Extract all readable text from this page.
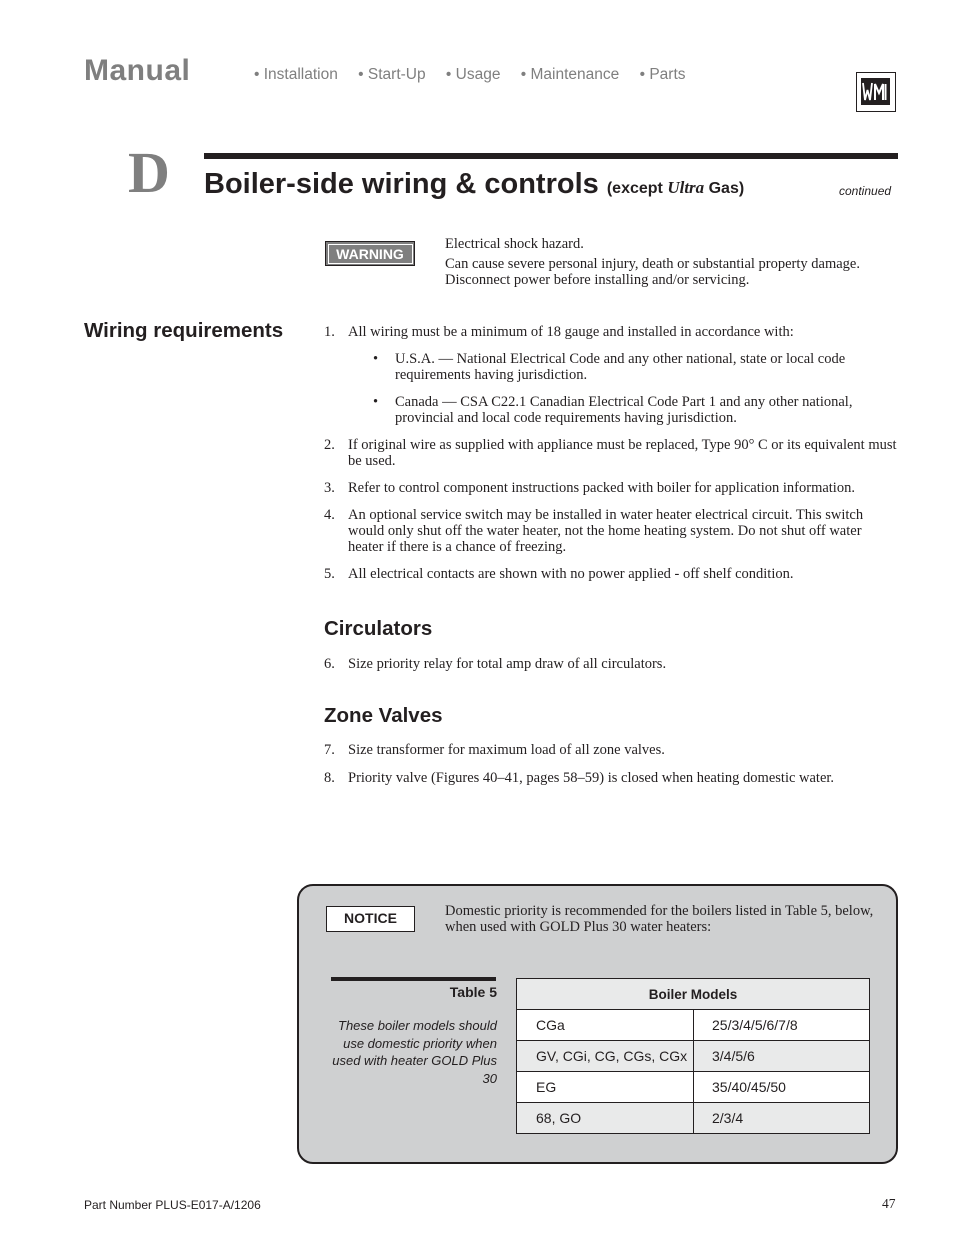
Manual	• Installation • Start-Up • Usage • Maintenance • Parts
D Boiler-side wiring & controls (except Ultra Gas)	continued
WARNING

Electrical shock hazard.

Can cause severe personal injury, death or substantial property damage. Disconnect power before installing and/or servicing.

Wiring requirements	1. All wiring must be a minimum of 18 gauge and installed in accordance with:
• U.S.A. — National Electrical Code and any other national, state or local code requirements having jurisdiction.
• Canada — CSA C22.1 Canadian Electrical Code Part 1 and any other national, provincial and local code requirements having jurisdiction.
2. If original wire as supplied with appliance must be replaced, Type 90° C or its equivalent must be used.
3. Refer to control component instructions packed with boiler for application information.
4. An optional service switch may be installed in water heater electrical circuit. This switch would only shut off the water heater, not the home heating system. Do not shut off water heater if there is a chance of freezing.
5. All electrical contacts are shown with no power applied - off shelf condition.
Circulators
6. Size priority relay for total amp draw of all circulators.
Zone Valves
7. Size transformer for maximum load of all zone valves.
8. Priority valve (Figures 40–41, pages 58–59) is closed when heating domestic water.
NOTICE	Domestic priority is recommended for the boilers listed in Table 5, below, when used with GOLD Plus 30 water heaters:
Table 5
These boiler models should use domestic priority when used with heater GOLD Plus 30
Boiler Models	
CGa	25/3/4/5/6/7/8
GV, CGi, CG, CGs, CGx	3/4/5/6
EG	35/40/45/50
68, GO	2/3/4
Part Number PLUS-E017-A/1206	47
